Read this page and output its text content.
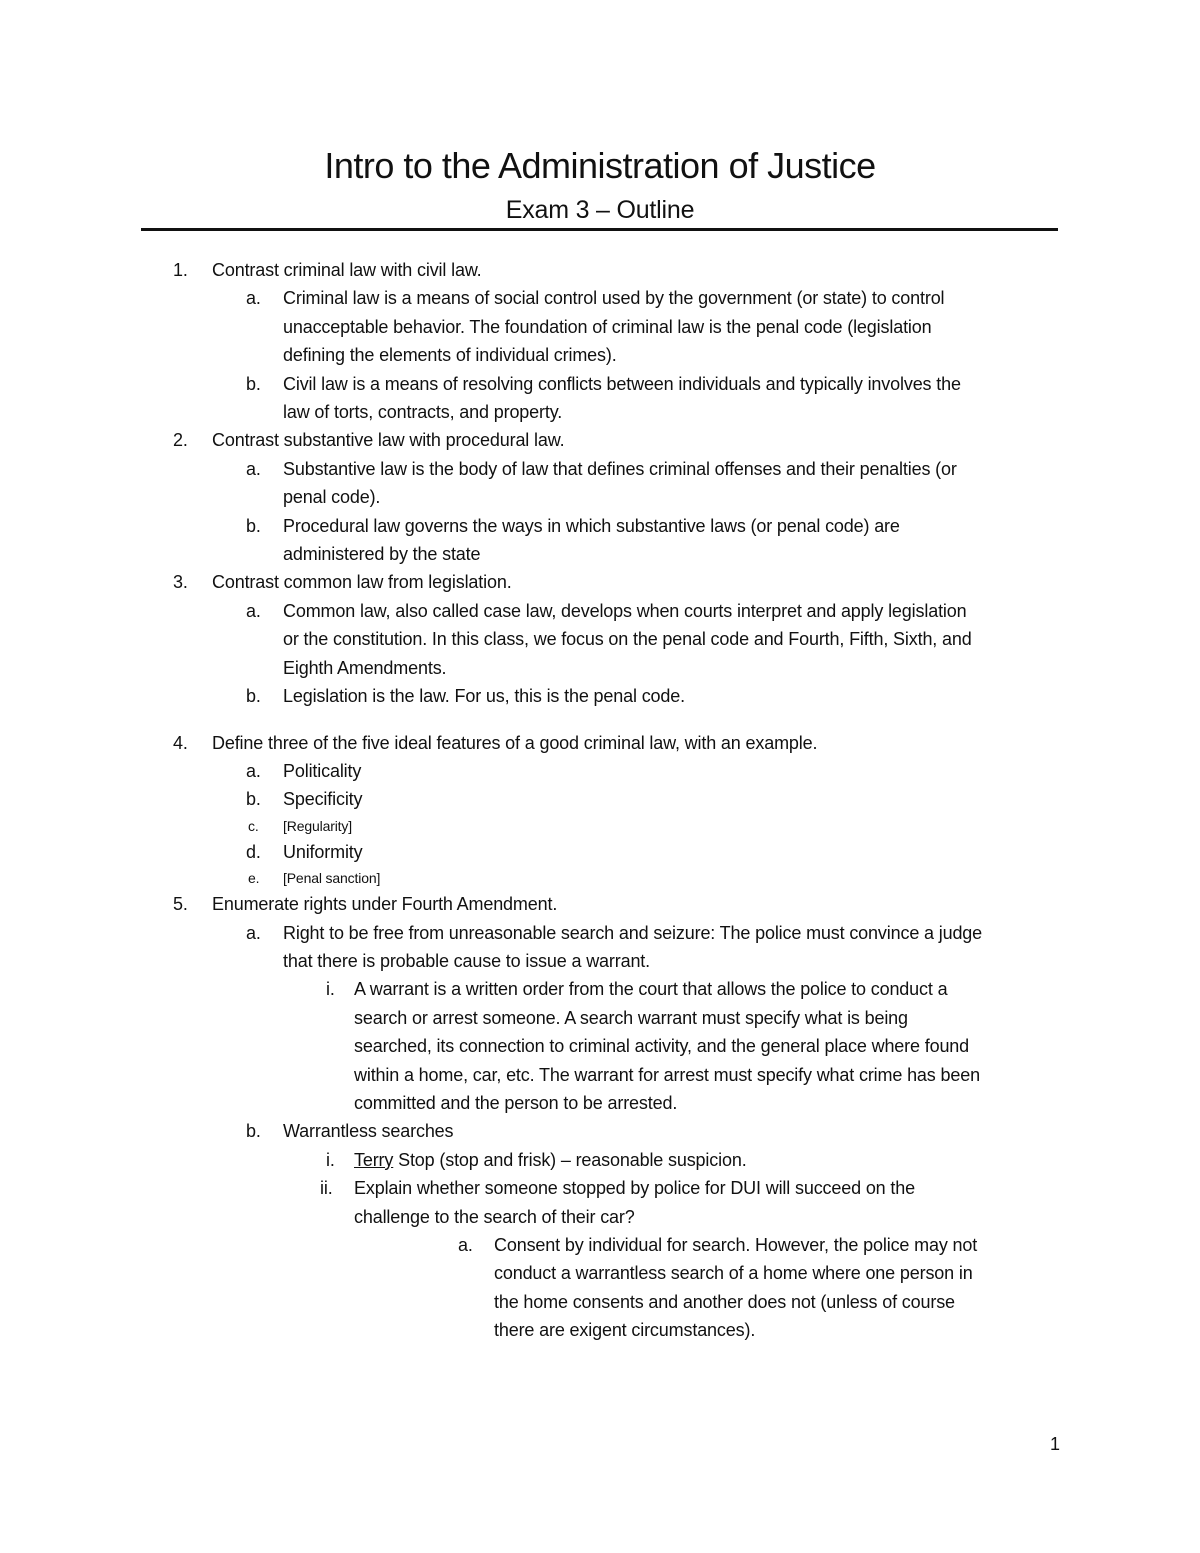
Intro to the Administration of Justice
Exam 3 – Outline
1. Contrast criminal law with civil law.

a. Criminal law is a means of social control used by the government (or state) to control

unacceptable behavior. The foundation of criminal law is the penal code (legislation

defining the elements of individual crimes).

b. Civil law is a means of resolving conflicts between individuals and typically involves the

law of torts, contracts, and property.

2. Contrast substantive law with procedural law.

a. Substantive law is the body of law that defines criminal offenses and their penalties (or

penal code).

b. Procedural law governs the ways in which substantive laws (or penal code) are

administered by the state

3. Contrast common law from legislation.

a. Common law, also called case law, develops when courts interpret and apply legislation

or the constitution. In this class, we focus on the penal code and Fourth, Fifth, Sixth, and

Eighth Amendments.

b. Legislation is the law. For us, this is the penal code.

4. Define three of the five ideal features of a good criminal law, with an example.

a. Politicality

b. Specificity

c. [Regularity]

d. Uniformity

e. [Penal sanction]

5. Enumerate rights under Fourth Amendment.

a. Right to be free from unreasonable search and seizure: The police must convince a judge

that there is probable cause to issue a warrant.

i. A warrant is a written order from the court that allows the police to conduct a

search or arrest someone. A search warrant must specify what is being

searched, its connection to criminal activity, and the general place where found

within a home, car, etc. The warrant for arrest must specify what crime has been

committed and the person to be arrested.

b. Warrantless searches

i. Terry Stop (stop and frisk) – reasonable suspicion.

ii. Explain whether someone stopped by police for DUI will succeed on the

challenge to the search of their car?

a. Consent by individual for search. However, the police may not

conduct a warrantless search of a home where one person in

the home consents and another does not (unless of course

there are exigent circumstances).

1
